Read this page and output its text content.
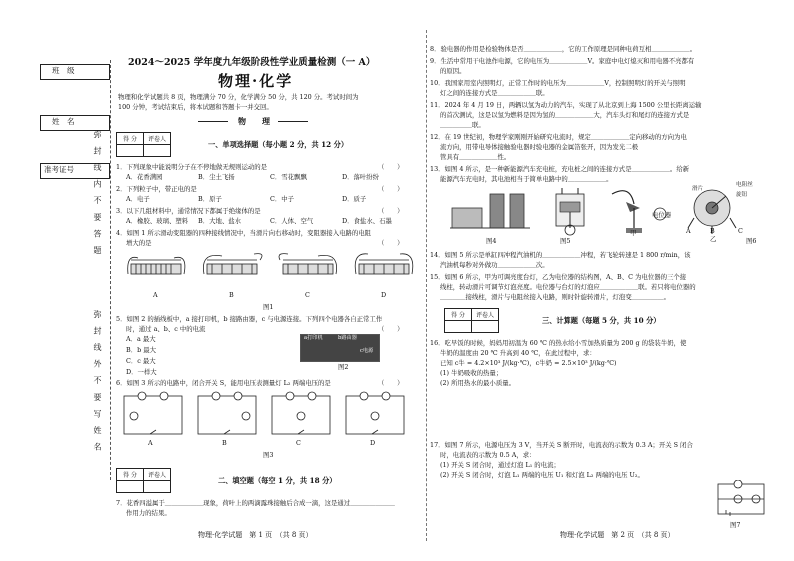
班　级
姓　名
准考证号 弥 封 线 内 不 要 答 题
弥 封 线 外 不 要 写 姓 名
2024～2025 学年度九年级阶段性学业质量检测（一 A）
物理·化学
物理和化学试题共 8 页，物理满分 70 分，化学满分 50 分，共 120 分。考试时间为
100 分钟，考试结束后，将本试题和答题卡一并交回。
物　　理
得 分	评卷人

一、单项选择题（每小题 2 分，共 12 分）
1．下列现象中能说明分子在不停地做无规则运动的是	（　　）
A．花香满园	B．尘土飞扬	C．雪花飘飘	D．落叶纷纷
2．下列粒子中，带正电的是	（　　）
A．电子	B．原子	C．中子	D．质子
3．以下几组材料中，通常情况下都属于绝缘体的是	（　　）
A．橡胶、玻璃、塑料 B．大地、盐水	C．人体、空气	D．食盐水、石墨
4．如图 1 所示滑动变阻器的四种接线情况中，当滑片向右移动时，变阻器接入电路的电阻
增大的是	（　　）
A	B	C	D
图1
5．如图 2 的插线板中，a 接打印机，b 接路由器，c 与电源连接。下列四个电器各自正常工作
时，通过 a、b、c 中的电流	（　　）
A．a 最大
B．b 最大
C．c 最大
D．一样大
a打印机	b路由器
c电源
图2
6．如图 3 所示的电路中，闭合开关 S，能用电压表测量灯 L₂ 两端电压的是	（　　）
A	B	C	D
图3
得 分	评卷人

二、填空题（每空 1 分，共 18 分）
7．花香四溢属于＿＿＿＿＿＿现象，荷叶上的两滴露珠接触后合成一滴，这是通过＿＿＿＿＿＿＿
作用力的结果。
物理·化学试题　第 1 页　（共 8 页）
8．验电器的作用是检验物体是否＿＿＿＿＿＿，它的工作原理是同种电荷互相＿＿＿＿＿＿。
9．生活中常用干电池作电源，它的电压为＿＿＿＿＿＿V。家庭中电灯熄灭和用电器不亮都有
的原因。
10．我国家用室内照明灯，正常工作时的电压为＿＿＿＿＿＿V，控制照明灯的开关与照明
灯之间的连接方式是＿＿＿＿＿＿联。
11．2024 年 4 月 19 日，两辆以氢为动力的汽车，实现了从北京到上海 1500 公里长距离运输
的首次测试，这是以氢为燃料是因为氢的＿＿＿＿＿＿大，汽车头灯和尾灯的连接方式是
＿＿＿＿＿联。
12．在 19 世纪初，物理学家刚刚开始研究电流时，规定＿＿＿＿＿＿定向移动的方向为电
流方向，用带电导体接触验电器时验电器的金属箔张开，因为发光二极
管具有＿＿＿＿＿＿性。
13．如图 4 所示，是一种新能源汽车充电桩，充电桩之间的连接方式是＿＿＿＿＿＿。给新
能源汽车充电时，其电池相当于简单电路中的＿＿＿＿＿＿。
图4	图5
甲
电位器
乙
滑片
电阻丝
旋钮
A	B	C
图6
14．如图 5 所示是单缸四冲程汽油机的＿＿＿＿＿＿冲程，若飞轮转速是 1 800 r/min，该
汽油机每秒对外做功＿＿＿＿＿＿次。
15．如图 6 所示，甲为可调亮度台灯，乙为电位器的结构图，A、B、C 为电位器的三个接
线柱，转动滑片可调节灯泡亮度。电位器与台灯的灯泡应＿＿＿＿＿＿联。若只将电位器的
＿＿＿＿接线柱，滑片与电阻丝接入电路，则时针旋转滑片，灯泡变＿＿＿＿＿。
得 分	评卷人

三、计算题（每题 5 分，共 10 分）
16．吃早饭的时候，妈妈用初温为 60 ℃ 的热水给小雪加热质量为 200 g 的袋装牛奶，使
牛奶的温度由 20 ℃ 升高到 40 ℃，在此过程中，求：
已知 c牛 = 4.2×10³ J/(kg·℃)，c牛奶 = 2.5×10³ J/(kg·℃)
(1) 牛奶吸收的热量；
(2) 所用热水的最小质量。
17．如图 7 所示，电源电压为 3 V，当开关 S 断开时，电流表的示数为 0.3 A；开关 S 闭合
时，电流表的示数为 0.5 A，求：
(1) 开关 S 闭合时，通过灯泡 L₁ 的电流；
(2) 开关 S 闭合时，灯泡 L₁ 两端的电压 U₁ 和灯泡 L₂ 两端的电压 U₂。
图7
物理·化学试题　第 2 页　（共 8 页）
